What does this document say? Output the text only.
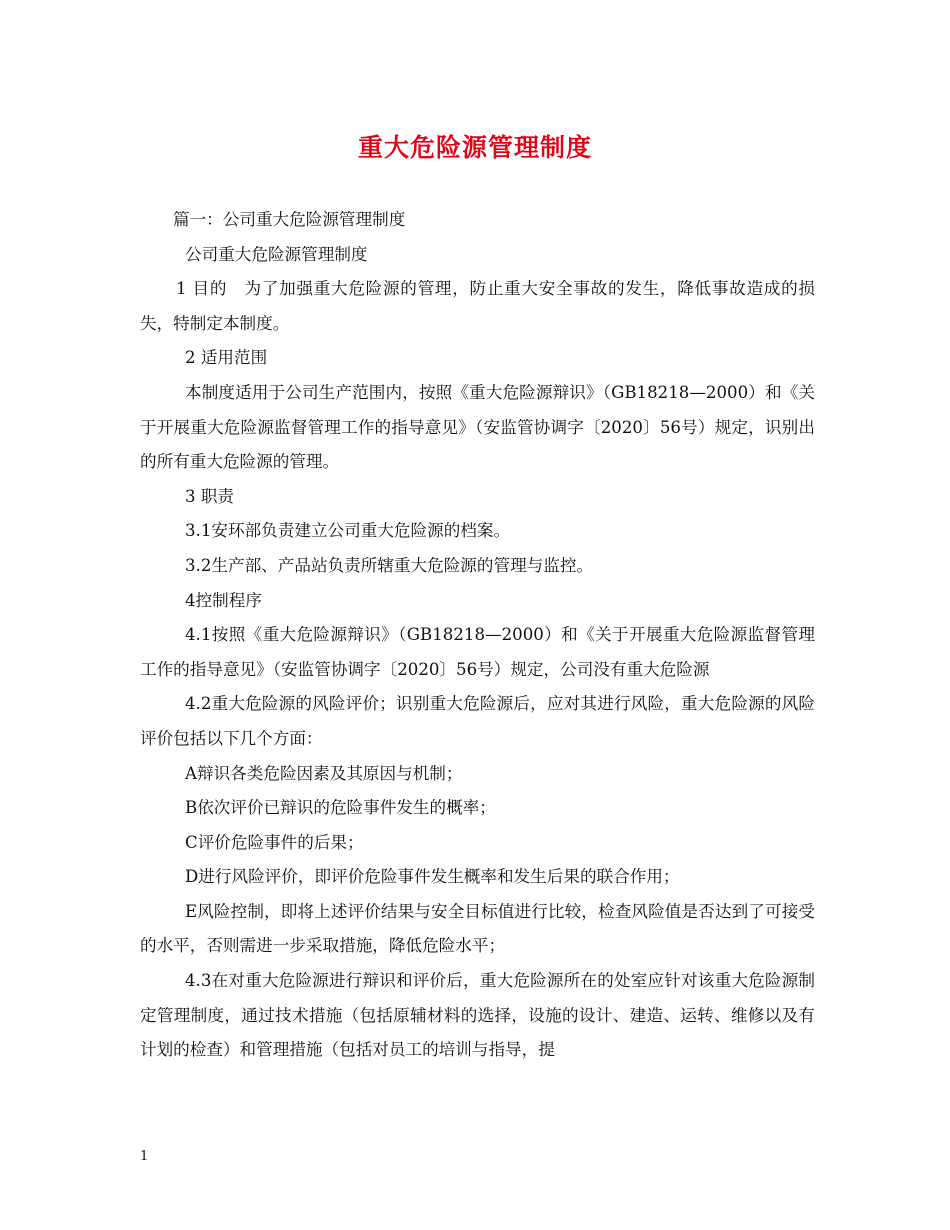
重大危险源管理制度

篇一：公司重大危险源管理制度

公司重大危险源管理制度

1 目的　为了加强重大危险源的管理，防止重大安全事故的发生，降低事故造成的损失，特制定本制度。

2 适用范围

本制度适用于公司生产范围内，按照《重大危险源辩识》（GB18218—2000）和《关于开展重大危险源监督管理工作的指导意见》（安监管协调字〔2020〕56号）规定，识别出的所有重大危险源的管理。

3 职责

3.1安环部负责建立公司重大危险源的档案。

3.2生产部、产品站负责所辖重大危险源的管理与监控。

4控制程序

4.1按照《重大危险源辩识》（GB18218—2000）和《关于开展重大危险源监督管理工作的指导意见》（安监管协调字〔2020〕56号）规定，公司没有重大危险源

4.2重大危险源的风险评价；识别重大危险源后，应对其进行风险，重大危险源的风险评价包括以下几个方面：

A辩识各类危险因素及其原因与机制；

B依次评价已辩识的危险事件发生的概率；

C评价危险事件的后果；

D进行风险评价，即评价危险事件发生概率和发生后果的联合作用；

E风险控制，即将上述评价结果与安全目标值进行比较，检查风险值是否达到了可接受的水平，否则需进一步采取措施，降低危险水平；

4.3在对重大危险源进行辩识和评价后，重大危险源所在的处室应针对该重大危险源制定管理制度，通过技术措施（包括原辅材料的选择，设施的设计、建造、运转、维修以及有计划的检查）和管理措施（包括对员工的培训与指导，提

1
